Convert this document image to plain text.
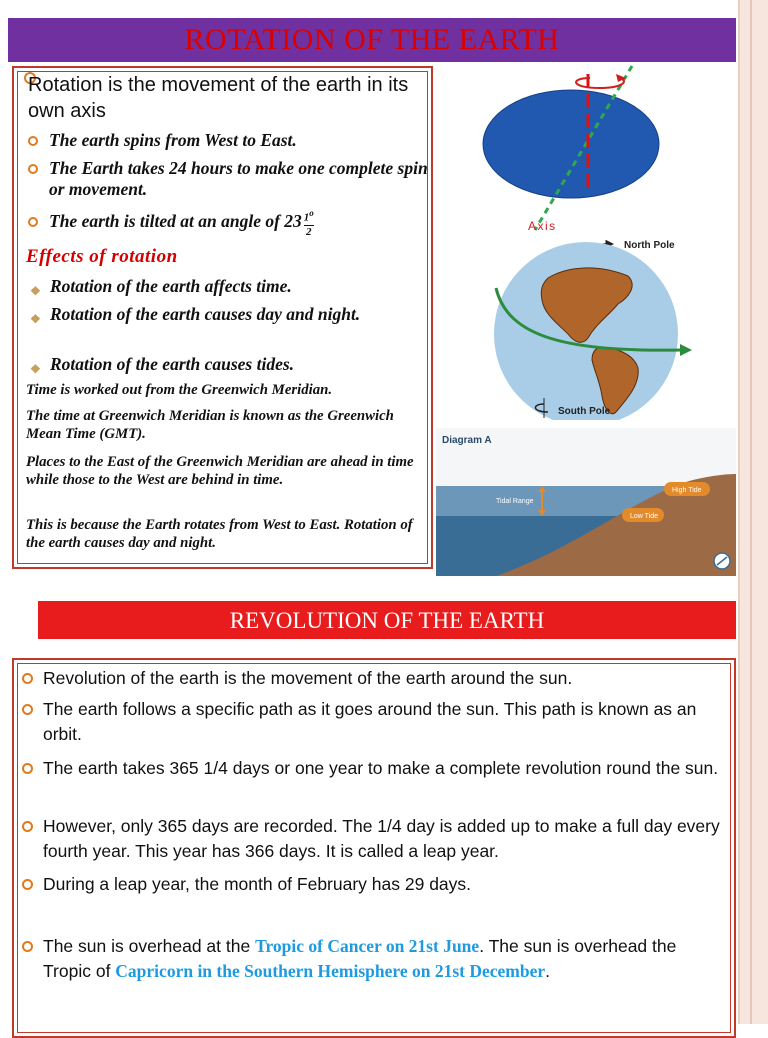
ROTATION OF THE EARTH
Rotation is the movement of the earth in its own axis
The earth spins from West to East.
The Earth takes 24 hours to make one complete spin or movement.
The earth is tilted at an angle of $23 \frac{1^o}{2}$
Effects of rotation
❖ Rotation of the earth affects time.
❖ Rotation of the earth causes day and night.
❖ Rotation of the earth causes tides.
Time is worked out from the Greenwich Meridian.
The time at Greenwich Meridian is known as the Greenwich Mean Time (GMT).
Places to the East of the Greenwich Meridian are ahead in time while those to the West are behind in time.
This is because the Earth rotates from West to East. Rotation of the earth causes day and night.
Axis
North Pole
South Pole
Diagram A
Tidal Range
High Tide
Low Tide
REVOLUTION OF THE EARTH
Revolution of the earth is the movement of the earth around the sun.
The earth follows a specific path as it goes around the sun. This path is known as an orbit.
The earth takes 365 1/4 days or one year to make a complete revolution round the sun.
However, only 365 days are recorded. The 1/4 day is added up to make a full day every fourth year. This year has 366 days. It is called a leap year.
During a leap year, the month of February has 29 days.
The sun is overhead at the Tropic of Cancer on 21st June. The sun is overhead the Tropic of Capricorn in the Southern Hemisphere on 21st December.
